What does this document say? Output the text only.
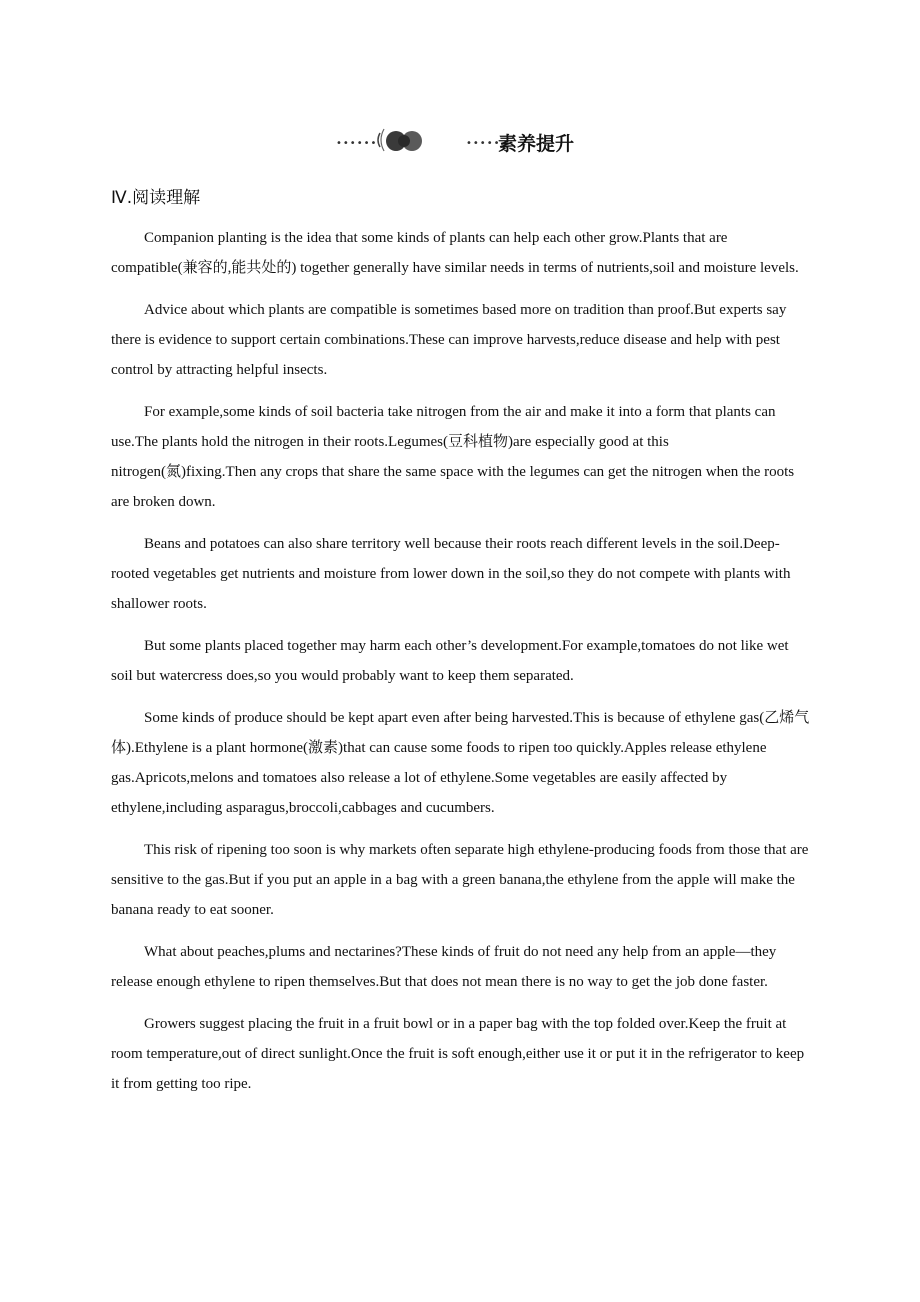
••••••	•••••
素养提升
Ⅳ.阅读理解

Companion planting is the idea that some kinds of plants can help each other grow.Plants that are compatible(兼容的,能共处的) together generally have similar needs in terms of nutrients,soil and moisture levels.

Advice about which plants are compatible is sometimes based more on tradition than proof.But experts say there is evidence to support certain combinations.These can improve harvests,reduce disease and help with pest control by attracting helpful insects.

For example,some kinds of soil bacteria take nitrogen from the air and make it into a form that plants can use.The plants hold the nitrogen in their roots.Legumes(豆科植物)are especially good at this nitrogen(氮)fixing.Then any crops that share the same space with the legumes can get the nitrogen when the roots are broken down.

Beans and potatoes can also share territory well because their roots reach different levels in the soil.Deep-rooted vegetables get nutrients and moisture from lower down in the soil,so they do not compete with plants with shallower roots.

But some plants placed together may harm each other’s development.For example,tomatoes do not like wet soil but watercress does,so you would probably want to keep them separated.

Some kinds of produce should be kept apart even after being harvested.This is because of ethylene gas(乙烯气体).Ethylene is a plant hormone(激素)that can cause some foods to ripen too quickly.Apples release ethylene gas.Apricots,melons and tomatoes also release a lot of ethylene.Some vegetables are easily affected by ethylene,including asparagus,broccoli,cabbages and cucumbers.

This risk of ripening too soon is why markets often separate high ethylene-producing foods from those that are sensitive to the gas.But if you put an apple in a bag with a green banana,the ethylene from the apple will make the banana ready to eat sooner.

What about peaches,plums and nectarines?These kinds of fruit do not need any help from an apple—they release enough ethylene to ripen themselves.But that does not mean there is no way to get the job done faster.

Growers suggest placing the fruit in a fruit bowl or in a paper bag with the top folded over.Keep the fruit at room temperature,out of direct sunlight.Once the fruit is soft enough,either use it or put it in the refrigerator to keep it from getting too ripe.
